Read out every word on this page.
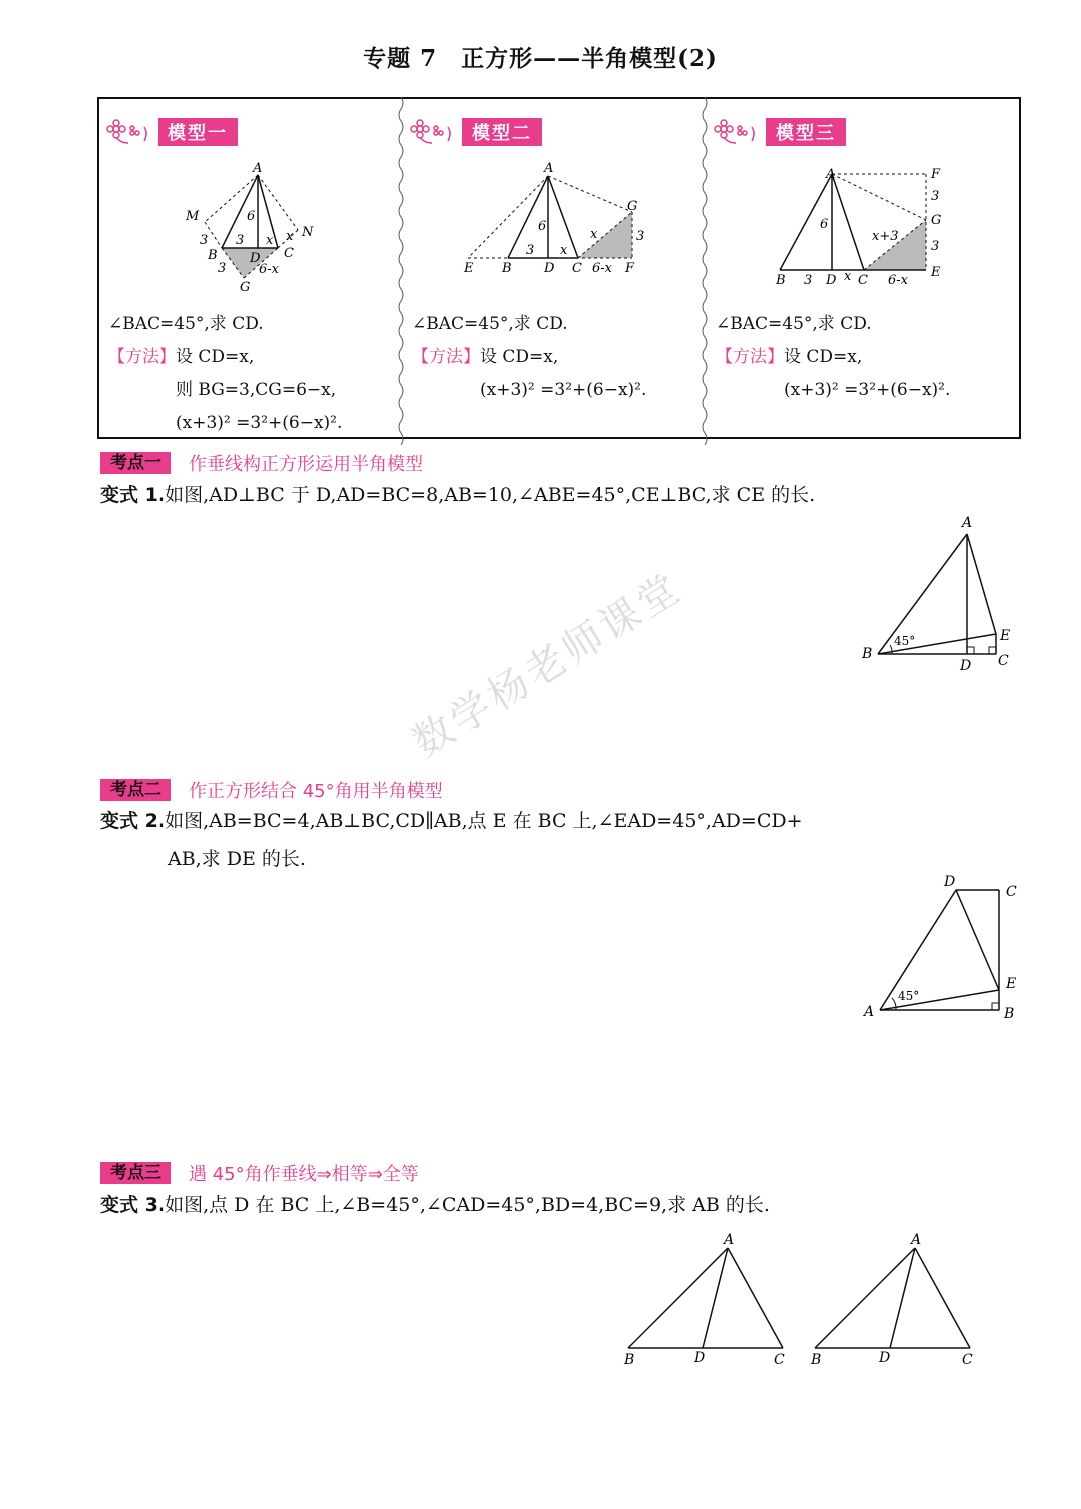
专题 7 正方形——半角模型(2)
模型一	模型二	模型三
A
M
N
B	C
D
G
6
3
3
3
x x
6-x
A
E B D C	F
G
6
3
3
x
x
6-x
A	F
G
E
B	D C
6
3
3
3
x
x+3
6-x
∠BAC=45°,求 CD.
【方法】设 CD=x,
则 BG=3,CG=6−x,
(x+3)² =3²+(6−x)².
∠BAC=45°,求 CD.
【方法】设 CD=x,
(x+3)² =3²+(6−x)².
∠BAC=45°,求 CD.
【方法】设 CD=x,
(x+3)² =3²+(6−x)².
考点一	作垂线构正方形运用半角模型
变式 1.如图,AD⊥BC 于 D,AD=BC=8,AB=10,∠ABE=45°,CE⊥BC,求 CE 的长.
A
B
D C
E
45°
数学杨老师课堂
考点二	作正方形结合 45°角用半角模型
变式 2.如图,AB=BC=4,AB⊥BC,CD∥AB,点 E 在 BC 上,∠EAD=45°,AD=CD+
AB,求 DE 的长.
D
C
E
A	B
45°
考点三	遇 45°角作垂线⇒相等⇒全等
变式 3.如图,点 D 在 BC 上,∠B=45°,∠CAD=45°,BD=4,BC=9,求 AB 的长.
A
B	D	C
A
B	D	C
